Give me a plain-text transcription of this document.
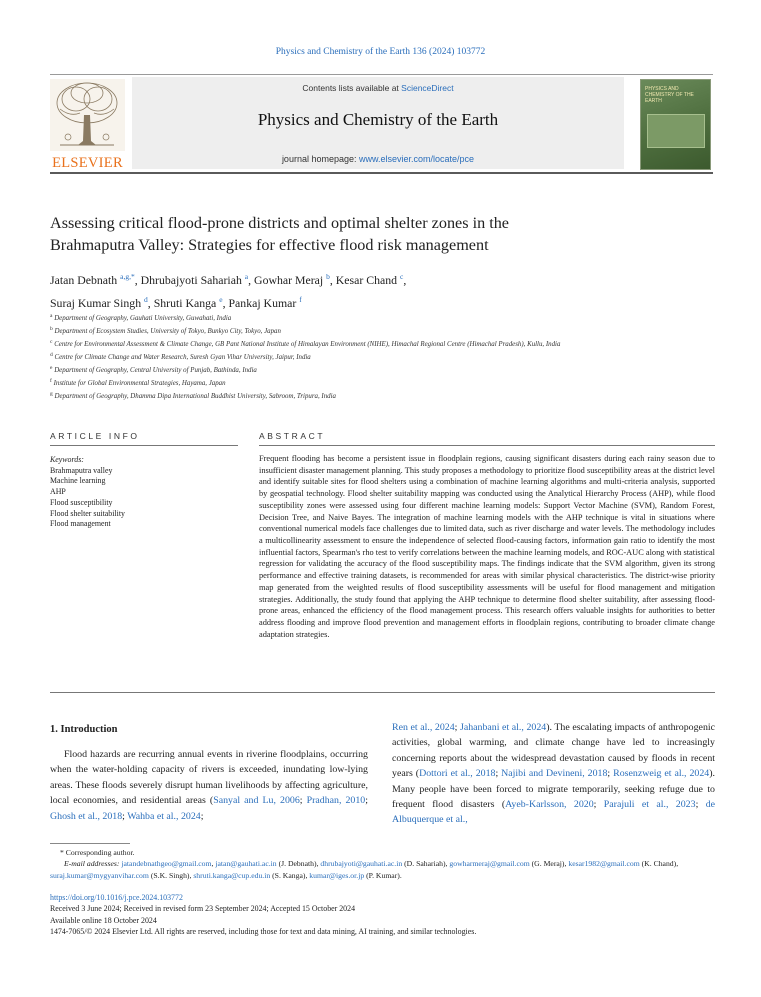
Physics and Chemistry of the Earth 136 (2024) 103772
ELSEVIER
Contents lists available at ScienceDirect
Physics and Chemistry of the Earth
journal homepage: www.elsevier.com/locate/pce
PHYSICS AND CHEMISTRY OF THE EARTH
Assessing critical flood-prone districts and optimal shelter zones in the
Brahmaputra Valley: Strategies for effective flood risk management
Jatan Debnath $^{a,g,*}$, Dhrubajyoti Sahariah $^a$, Gowhar Meraj $^b$, Kesar Chand $^c$,
Suraj Kumar Singh $^d$, Shruti Kanga $^e$, Pankaj Kumar $^f$
$^a$ Department of Geography, Gauhati University, Guwahati, India
$^b$ Department of Ecosystem Studies, University of Tokyo, Bunkyo City, Tokyo, Japan
$^c$ Centre for Environmental Assessment & Climate Change, GB Pant National Institute of Himalayan Environment (NIHE), Himachal Regional Centre (Himachal Pradesh), Kullu, India
$^d$ Centre for Climate Change and Water Research, Suresh Gyan Vihar University, Jaipur, India
$^e$ Department of Geography, Central University of Punjab, Bathinda, India
$^f$ Institute for Global Environmental Strategies, Hayama, Japan
$^g$ Department of Geography, Dhamma Dipa International Buddhist University, Sabroom, Tripura, India
ARTICLE INFO	ABSTRACT
Keywords:
Brahmaputra valley
Machine learning
AHP
Flood susceptibility
Flood shelter suitability
Flood management
Frequent flooding has become a persistent issue in floodplain regions, causing significant disasters during each rainy season due to insufficient disaster management planning. This study proposes a methodology to prioritize flood susceptibility areas at the district level and identify suitable sites for flood shelters using a combination of machine learning algorithms and multi-criteria analysis, supported by geospatial technology. Flood shelter suitability mapping was conducted using the Analytical Hierarchy Process (AHP), while flood susceptibility zones were assessed using four different machine learning models: Support Vector Machine (SVM), Random Forest, Decision Tree, and Naive Bayes. The integration of machine learning models with the AHP technique is vital in situations where conventional numerical models face challenges due to limited data, such as river discharge and water levels. The methodology includes a multicollinearity assessment to ensure the independence of selected flood-causing factors, information gain ratio to identify the most influential factors, Spearman's rho test to verify correlations between the machine learning models, and ROC-AUC along with statistical regression for validating the accuracy of the flood susceptibility maps. The findings indicate that the SVM algorithm, given its strong performance and effective training datasets, is recommended for areas with similar physical characteristics. The district-wise priority map generated from the weighted results of flood susceptibility assessments will be useful for flood management and mitigation strategies. Additionally, the study found that applying the AHP technique to determine flood shelter suitability, after assessing flood-prone areas, enhanced the efficiency of the flood management process. This research offers valuable insights for authorities to better address flooding and improve flood prevention and management efforts in floodplain regions, contributing to broader climate change adaptation strategies.
1. Introduction
Flood hazards are recurring annual events in riverine floodplains, occurring when the water-holding capacity of rivers is exceeded, inundating low-lying areas. These floods severely disrupt human livelihoods by affecting agriculture, local economies, and residential areas (Sanyal and Lu, 2006; Pradhan, 2010; Ghosh et al., 2018; Wahba et al., 2024;
Ren et al., 2024; Jahanbani et al., 2024). The escalating impacts of anthropogenic activities, global warming, and climate change have led to increasingly concerning reports about the widespread devastation caused by floods in recent years (Dottori et al., 2018; Najibi and Devineni, 2018; Rosenzweig et al., 2024). Many people have been forced to migrate temporarily, seeking refuge due to frequent flood disasters (Ayeb-Karlsson, 2020; Parajuli et al., 2023; de Albuquerque et al.,
* Corresponding author.
E-mail addresses: jatandebnathgeo@gmail.com, jatan@gauhati.ac.in (J. Debnath), dhrubajyoti@gauhati.ac.in (D. Sahariah), gowharmeraj@gmail.com (G. Meraj), kesar1982@gmail.com (K. Chand), suraj.kumar@mygyanvihar.com (S.K. Singh), shruti.kanga@cup.edu.in (S. Kanga), kumar@iges.or.jp (P. Kumar).
https://doi.org/10.1016/j.pce.2024.103772
Received 3 June 2024; Received in revised form 23 September 2024; Accepted 15 October 2024
Available online 18 October 2024
1474-7065/© 2024 Elsevier Ltd. All rights are reserved, including those for text and data mining, AI training, and similar technologies.
